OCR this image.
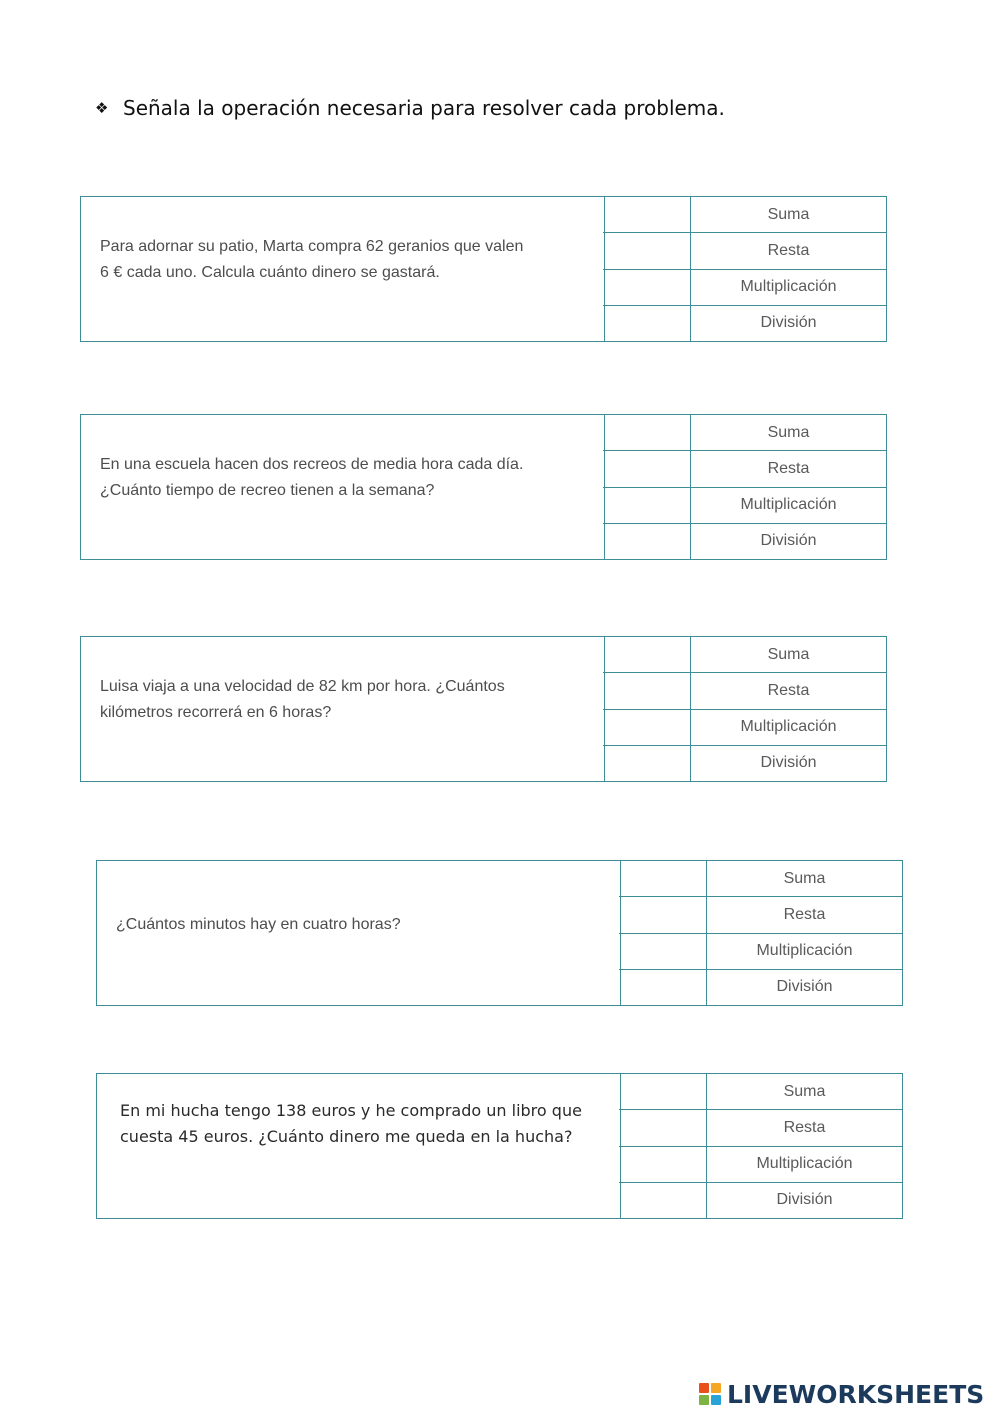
❖ Señala la operación necesaria para resolver cada problema.
Para adornar su patio, Marta compra 62 geranios que valen
6 € cada uno. Calcula cuánto dinero se gastará.
Suma
Resta
Multiplicación
División
En una escuela hacen dos recreos de media hora cada día.
¿Cuánto tiempo de recreo tienen a la semana?
Suma
Resta
Multiplicación
División
Luisa viaja a una velocidad de 82 km por hora. ¿Cuántos
kilómetros recorrerá en 6 horas?
Suma
Resta
Multiplicación
División
¿Cuántos minutos hay en cuatro horas?
Suma
Resta
Multiplicación
División
En mi hucha tengo 138 euros y he comprado un libro que
cuesta 45 euros. ¿Cuánto dinero me queda en la hucha?
Suma
Resta
Multiplicación
División
LIVEWORKSHEETS
